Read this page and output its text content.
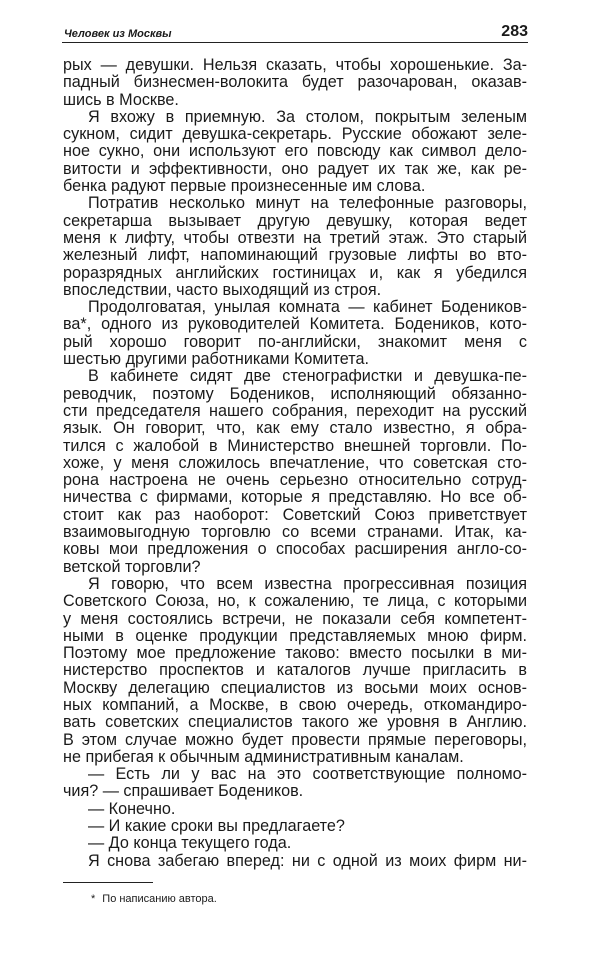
Человек из Москвы	283
рых — девушки. Нельзя сказать, чтобы хорошенькие. За-
падный бизнесмен-волокита будет разочарован, оказав-
шись в Москве.
Я вхожу в приемную. За столом, покрытым зеленым
сукном, сидит девушка-секретарь. Русские обожают зеле-
ное сукно, они используют его повсюду как символ дело-
витости и эффективности, оно радует их так же, как ре-
бенка радуют первые произнесенные им слова.
Потратив несколько минут на телефонные разговоры,
секретарша вызывает другую девушку, которая ведет
меня к лифту, чтобы отвезти на третий этаж. Это старый
железный лифт, напоминающий грузовые лифты во вто-
роразрядных английских гостиницах и, как я убедился
впоследствии, часто выходящий из строя.
Продолговатая, унылая комната — кабинет Бодеников-
ва*, одного из руководителей Комитета. Бодеников, кото-
рый хорошо говорит по-английски, знакомит меня с
шестью другими работниками Комитета.
В кабинете сидят две стенографистки и девушка-пе-
реводчик, поэтому Бодеников, исполняющий обязанно-
сти председателя нашего собрания, переходит на русский
язык. Он говорит, что, как ему стало известно, я обра-
тился с жалобой в Министерство внешней торговли. По-
хоже, у меня сложилось впечатление, что советская сто-
рона настроена не очень серьезно относительно сотруд-
ничества с фирмами, которые я представляю. Но все об-
стоит как раз наоборот: Советский Союз приветствует
взаимовыгодную торговлю со всеми странами. Итак, ка-
ковы мои предложения о способах расширения англо-со-
ветской торговли?
Я говорю, что всем известна прогрессивная позиция
Советского Союза, но, к сожалению, те лица, с которыми
у меня состоялись встречи, не показали себя компетент-
ными в оценке продукции представляемых мною фирм.
Поэтому мое предложение таково: вместо посылки в ми-
нистерство проспектов и каталогов лучше пригласить в
Москву делегацию специалистов из восьми моих основ-
ных компаний, а Москве, в свою очередь, откомандиро-
вать советских специалистов такого же уровня в Англию.
В этом случае можно будет провести прямые переговоры,
не прибегая к обычным административным каналам.
— Есть ли у вас на это соответствующие полномо-
чия? — спрашивает Бодеников.
— Конечно.
— И какие сроки вы предлагаете?
— До конца текущего года.
Я снова забегаю вперед: ни с одной из моих фирм ни-
* По написанию автора.
